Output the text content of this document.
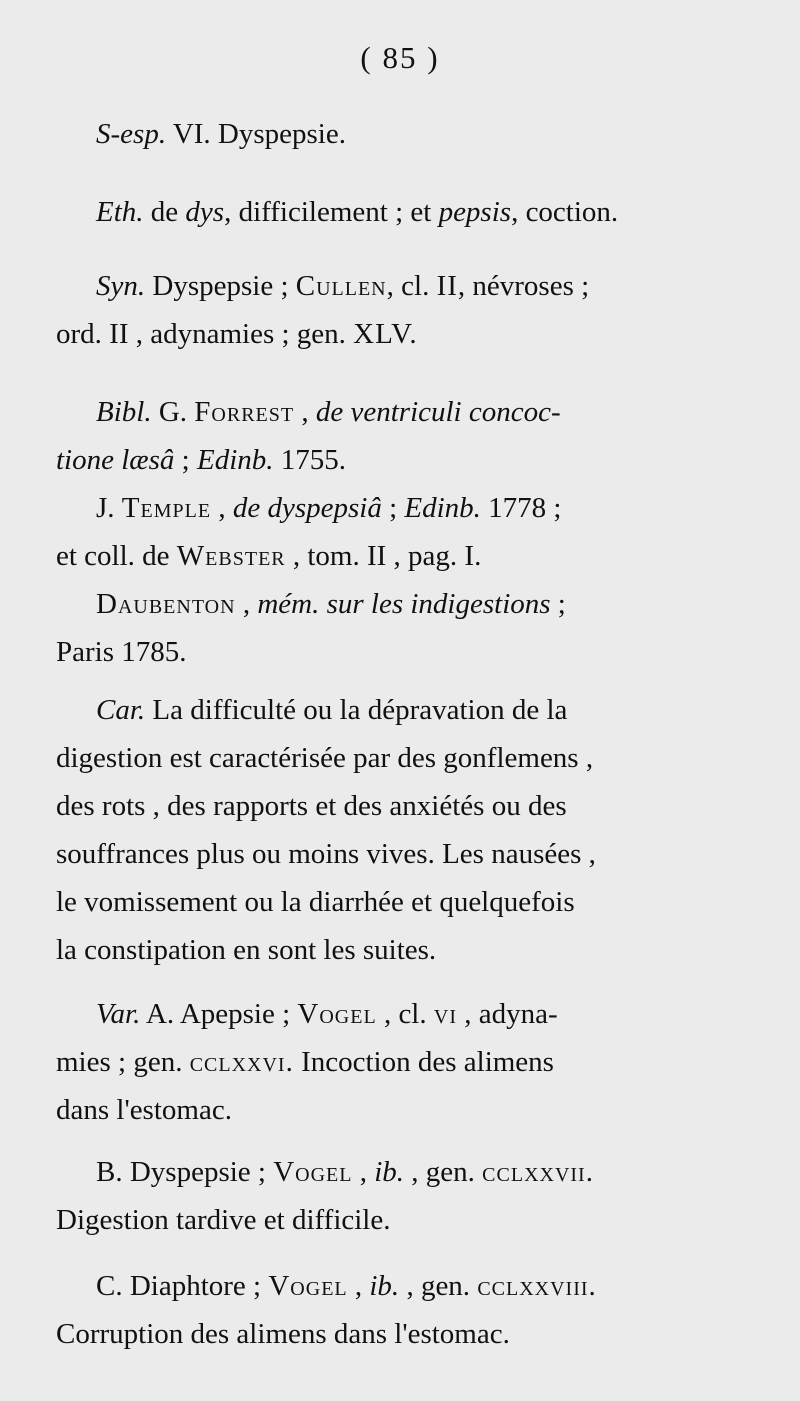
( 85 )
S-esp. VI. Dyspepsie.
Eth. de dys, difficilement ; et pepsis, coction.
Syn. Dyspepsie ; Cullen, cl. II, névroses ;
ord. II , adynamies ; gen. XLV.
Bibl. G. Forrest , de ventriculi concoc-
tione læsâ ; Edinb. 1755.
J. Temple , de dyspepsiâ ; Edinb. 1778 ;
et coll. de Webster , tom. II , pag. I.
Daubenton , mém. sur les indigestions ;
Paris 1785.
Car. La difficulté ou la dépravation de la
digestion est caractérisée par des gonflemens ,
des rots , des rapports et des anxiétés ou des
souffrances plus ou moins vives. Les nausées ,
le vomissement ou la diarrhée et quelquefois
la constipation en sont les suites.
Var. A. Apepsie ; Vogel , cl. vi , adyna-
mies ; gen. cclxxvi. Incoction des alimens
dans l'estomac.
B. Dyspepsie ; Vogel , ib. , gen. cclxxvii.
Digestion tardive et difficile.
C. Diaphtore ; Vogel , ib. , gen. cclxxviii.
Corruption des alimens dans l'estomac.
